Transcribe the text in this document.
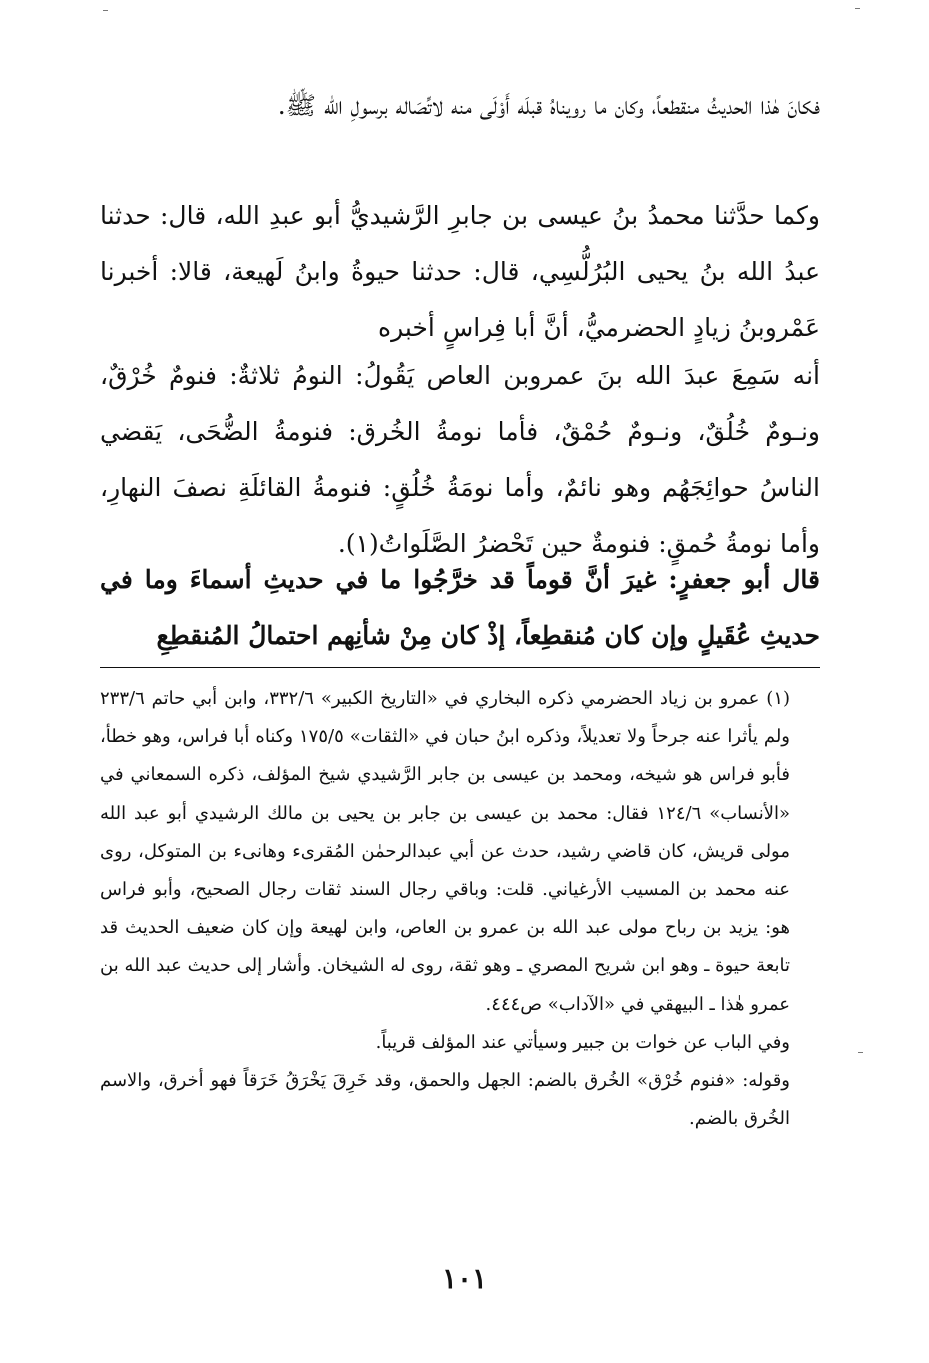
فكانَ هٰذا الحديثُ منقطعاً، وكان ما رويناهُ قبلَه أَوْلَى منه لاتِّصَاله برسولِ الله ﷺ.

وكما حدَّثنا محمدُ بنُ عيسى بن جابرِ الرَّشيديُّ أبو عبدِ الله، قال: حدثنا عبدُ الله بنُ يحيى البُرُلُّسِي، قال: حدثنا حيوةُ وابنُ لَهيعة، قالا: أخبرنا عَمْروبنُ زيادٍ الحضرميُّ، أنَّ أبا فِراسٍ أخبره

أنه سَمِعَ عبدَ الله بنَ عمروبن العاص يَقُولُ: النومُ ثلاثةٌ: فنومٌ خُرْقٌ، ونـومٌ خُلُقٌ، ونـومٌ حُمْقٌ، فأما نومةُ الخُرق: فنومةُ الضُّحَى، يَقضي الناسُ حوائِجَهُم وهو نائمٌ، وأما نومَةُ خُلُقٍ: فنومةُ القائلَةِ نصفَ النهارِ، وأما نومةُ حُمقٍ: فنومةٌ حين تَحْضرُ الصَّلَواتُ(١).

قال أبو جعفرٍ: غيرَ أنَّ قوماً قد خرَّجُوا ما في حديثِ أسماءَ وما في حديثِ عُقَيلٍ وإن كان مُنقطِعاً، إذْ كان مِنْ شأنِهم احتمالُ المُنقطِعِ

(١) عمرو بن زياد الحضرمي ذكره البخاري في «التاريخ الكبير» ٣٣٢/٦، وابن أبي حاتم ٢٣٣/٦ ولم يأثرا عنه جرحاً ولا تعديلاً، وذكره ابنُ حبان في «الثقات» ١٧٥/٥ وكناه أبا فراس، وهو خطأ، فأبو فراس هو شيخه، ومحمد بن عيسى بن جابر الرَّشيدي شيخ المؤلف، ذكره السمعاني في «الأنساب» ١٢٤/٦ فقال: محمد بن عيسى بن جابر بن يحيى بن مالك الرشيدي أبو عبد الله مولى قريش، كان قاضي رشيد، حدث عن أبي عبدالرحمٰن المُقرىء وهانىء بن المتوكل، روى عنه محمد بن المسيب الأرغياني. قلت: وباقي رجال السند ثقات رجال الصحيح، وأبو فراس هو: يزيد بن رباح مولى عبد الله بن عمرو بن العاص، وابن لهيعة وإن كان ضعيف الحديث قد تابعة حيوة ـ وهو ابن شريح المصري ـ وهو ثقة، روى له الشيخان. وأشار إلى حديث عبد الله بن عمرو هٰذا ـ البيهقي في «الآداب» ص٤٤٤.

وفي الباب عن خوات بن جبير وسيأتي عند المؤلف قريباً.

وقوله: «فنوم خُرْق» الخُرق بالضم: الجهل والحمق، وقد خَرِقَ يَخْرَقُ خَرَقاً فهو أخرق، والاسم الخُرق بالضم.

١٠١
